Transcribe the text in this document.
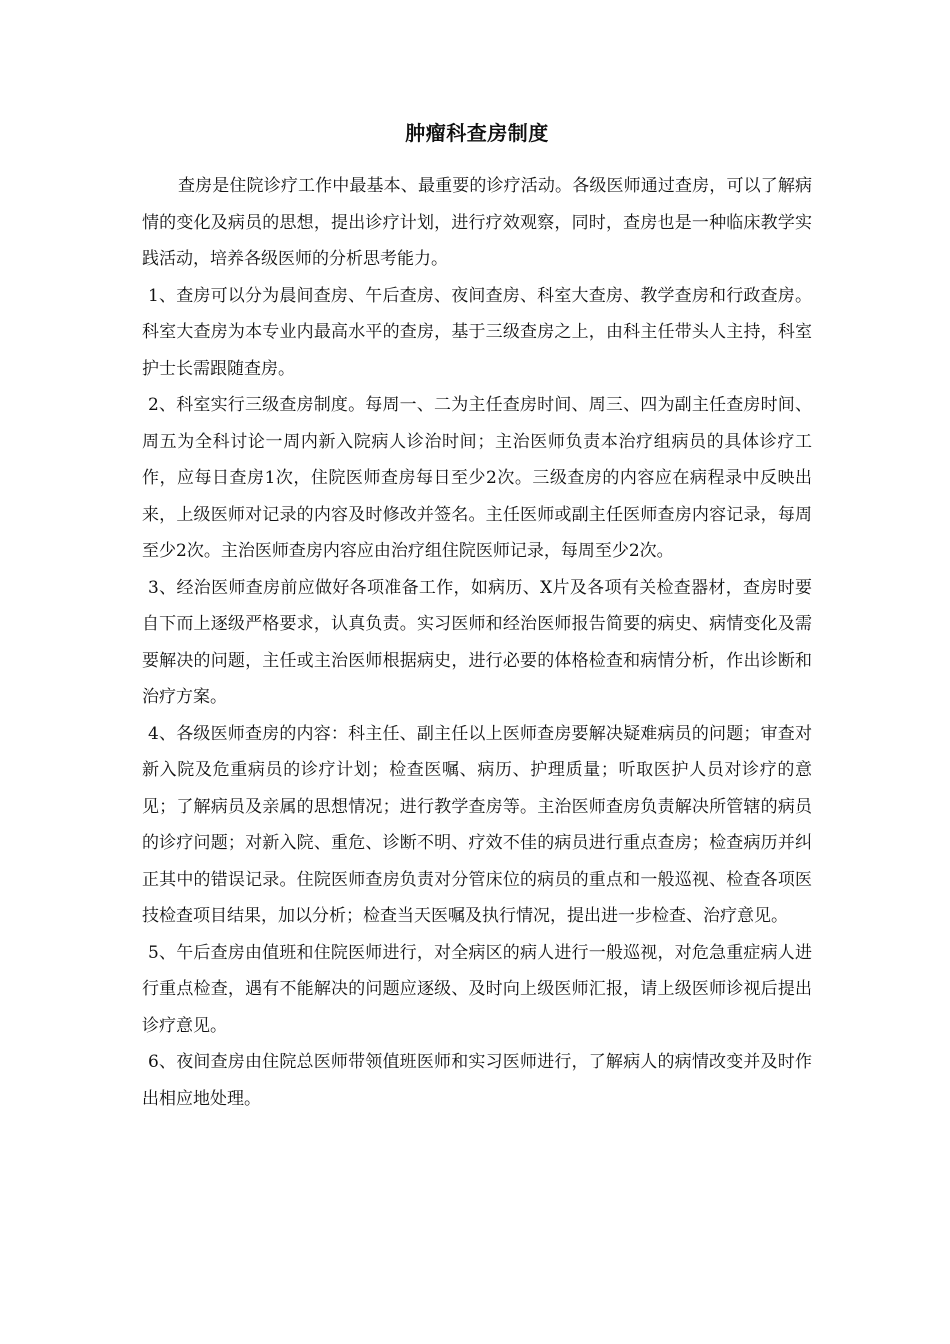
肿瘤科查房制度

查房是住院诊疗工作中最基本、最重要的诊疗活动。各级医师通过查房，可以了解病情的变化及病员的思想，提出诊疗计划，进行疗效观察，同时，查房也是一种临床教学实践活动，培养各级医师的分析思考能力。

1、查房可以分为晨间查房、午后查房、夜间查房、科室大查房、教学查房和行政查房。 科室大查房为本专业内最高水平的查房，基于三级查房之上，由科主任带头人主持，科室护士长需跟随查房。

2、科室实行三级查房制度。每周一、二为主任查房时间、周三、四为副主任查房时间、周五为全科讨论一周内新入院病人诊治时间；主治医师负责本治疗组病员的具体诊疗工作，应每日查房1次，住院医师查房每日至少2次。三级查房的内容应在病程录中反映出来，上级医师对记录的内容及时修改并签名。主任医师或副主任医师查房内容记录，每周至少2次。主治医师查房内容应由治疗组住院医师记录，每周至少2次。

3、经治医师查房前应做好各项准备工作，如病历、X片及各项有关检查器材，查房时要自下而上逐级严格要求，认真负责。实习医师和经治医师报告简要的病史、病情变化及需要解决的问题，主任或主治医师根据病史，进行必要的体格检查和病情分析，作出诊断和治疗方案。

4、各级医师查房的内容：科主任、副主任以上医师查房要解决疑难病员的问题；审查对新入院及危重病员的诊疗计划；检查医嘱、病历、护理质量；听取医护人员对诊疗的意见；了解病员及亲属的思想情况；进行教学查房等。主治医师查房负责解决所管辖的病员的诊疗问题；对新入院、重危、诊断不明、疗效不佳的病员进行重点查房；检查病历并纠正其中的错误记录。住院医师查房负责对分管床位的病员的重点和一般巡视、检查各项医技检查项目结果，加以分析；检查当天医嘱及执行情况，提出进一步检查、治疗意见。

5、午后查房由值班和住院医师进行，对全病区的病人进行一般巡视，对危急重症病人进行重点检查，遇有不能解决的问题应逐级、及时向上级医师汇报，请上级医师诊视后提出诊疗意见。

6、夜间查房由住院总医师带领值班医师和实习医师进行，了解病人的病情改变并及时作出相应地处理。
